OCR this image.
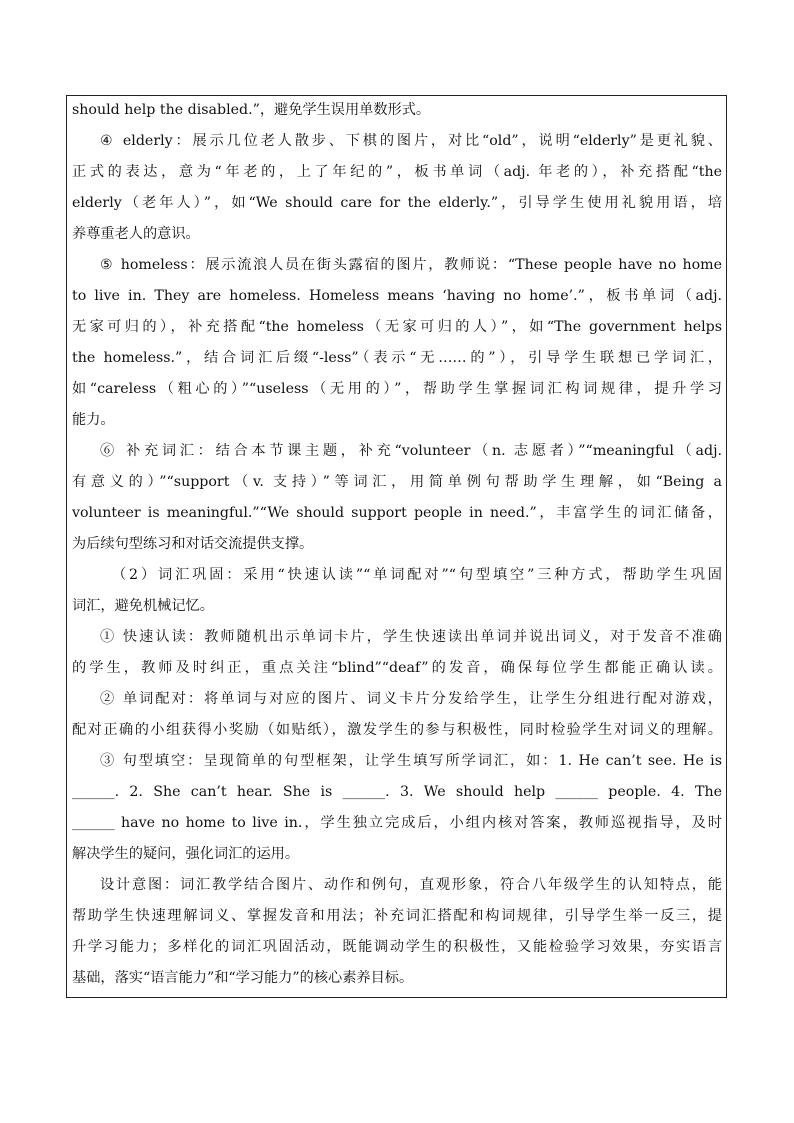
should help the disabled.”，避免学生误用单数形式。
④ elderly：展示几位老人散步、下棋的图片，对比“old”，说明“elderly”是更礼貌、
正式的表达，意为“年老的，上了年纪的”，板书单词（adj. 年老的），补充搭配“the
elderly（老年人）”，如“We should care for the elderly.”，引导学生使用礼貌用语，培
养尊重老人的意识。
⑤ homeless：展示流浪人员在街头露宿的图片，教师说：“These people have no home
to live in. They are homeless. Homeless means ‘having no home’.”，板书单词（adj.
无家可归的），补充搭配“the homeless（无家可归的人）”，如“The government helps
the homeless.”，结合词汇后缀“-less”（表示“无……的”），引导学生联想已学词汇，
如“careless（粗心的）”“useless（无用的）”，帮助学生掌握词汇构词规律，提升学习
能力。
⑥ 补充词汇：结合本节课主题，补充“volunteer（n. 志愿者）”“meaningful（adj.
有意义的）”“support（v. 支持）”等词汇，用简单例句帮助学生理解，如“Being a
volunteer is meaningful.”“We should support people in need.”，丰富学生的词汇储备，
为后续句型练习和对话交流提供支撑。
（2）词汇巩固：采用“快速认读”“单词配对”“句型填空”三种方式，帮助学生巩固
词汇，避免机械记忆。
① 快速认读：教师随机出示单词卡片，学生快速读出单词并说出词义，对于发音不准确
的学生，教师及时纠正，重点关注“blind”“deaf”的发音，确保每位学生都能正确认读。
② 单词配对：将单词与对应的图片、词义卡片分发给学生，让学生分组进行配对游戏，
配对正确的小组获得小奖励（如贴纸），激发学生的参与积极性，同时检验学生对词义的理解。
③ 句型填空：呈现简单的句型框架，让学生填写所学词汇，如：1. He can’t see. He is
______. 2. She can’t hear. She is ______. 3. We should help ______ people. 4. The
______ have no home to live in.，学生独立完成后，小组内核对答案，教师巡视指导，及时
解决学生的疑问，强化词汇的运用。
设计意图：词汇教学结合图片、动作和例句，直观形象，符合八年级学生的认知特点，能
帮助学生快速理解词义、掌握发音和用法；补充词汇搭配和构词规律，引导学生举一反三，提
升学习能力；多样化的词汇巩固活动，既能调动学生的积极性，又能检验学习效果，夯实语言
基础，落实“语言能力”和“学习能力”的核心素养目标。
